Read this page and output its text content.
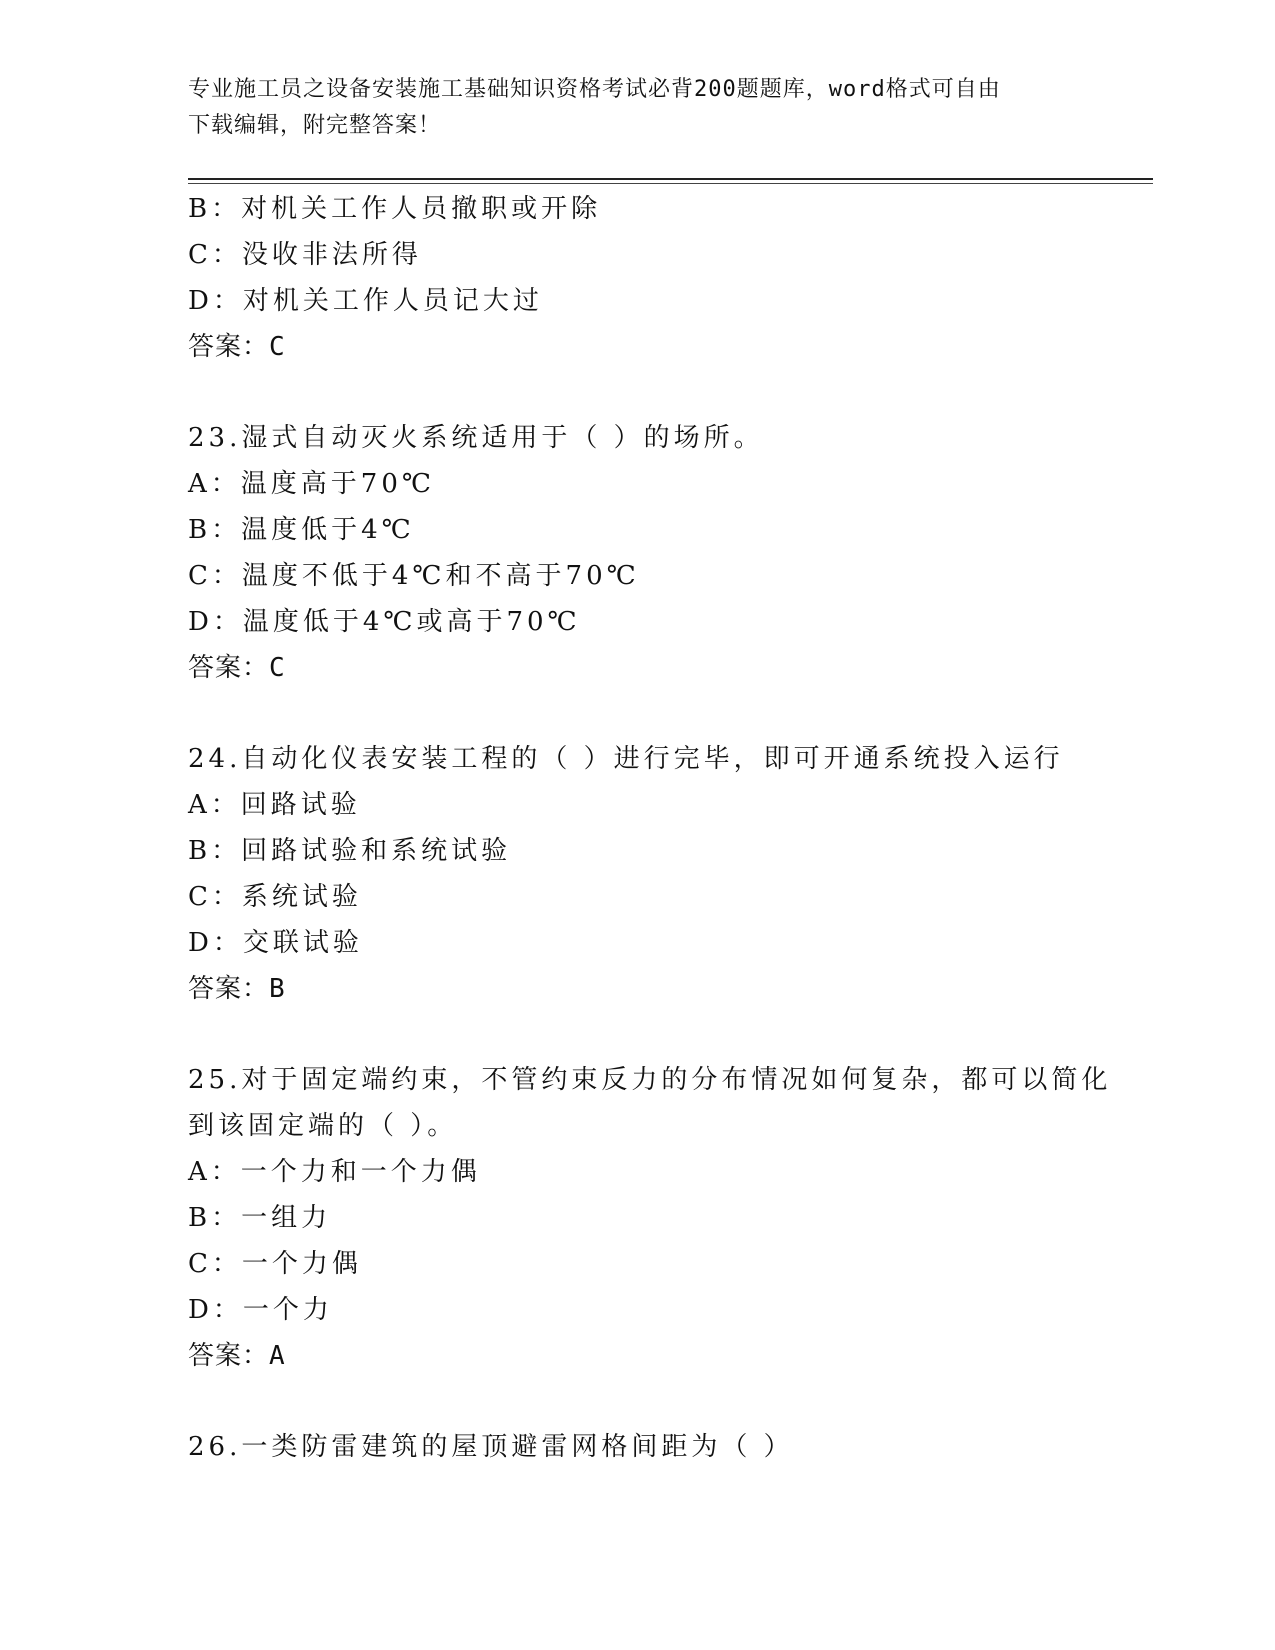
专业施工员之设备安装施工基础知识资格考试必背200题题库，word格式可自由
下载编辑，附完整答案！
B：对机关工作人员撤职或开除
C：没收非法所得
D：对机关工作人员记大过
答案：C
23.湿式自动灭火系统适用于（ ）的场所。
A：温度高于70℃
B：温度低于4℃
C：温度不低于4℃和不高于70℃
D：温度低于4℃或高于70℃
答案：C
24.自动化仪表安装工程的（ ）进行完毕，即可开通系统投入运行
A：回路试验
B：回路试验和系统试验
C：系统试验
D：交联试验
答案：B
25.对于固定端约束，不管约束反力的分布情况如何复杂，都可以简化
到该固定端的（ ）。
A：一个力和一个力偶
B：一组力
C：一个力偶
D：一个力
答案：A
26.一类防雷建筑的屋顶避雷网格间距为（ ）
